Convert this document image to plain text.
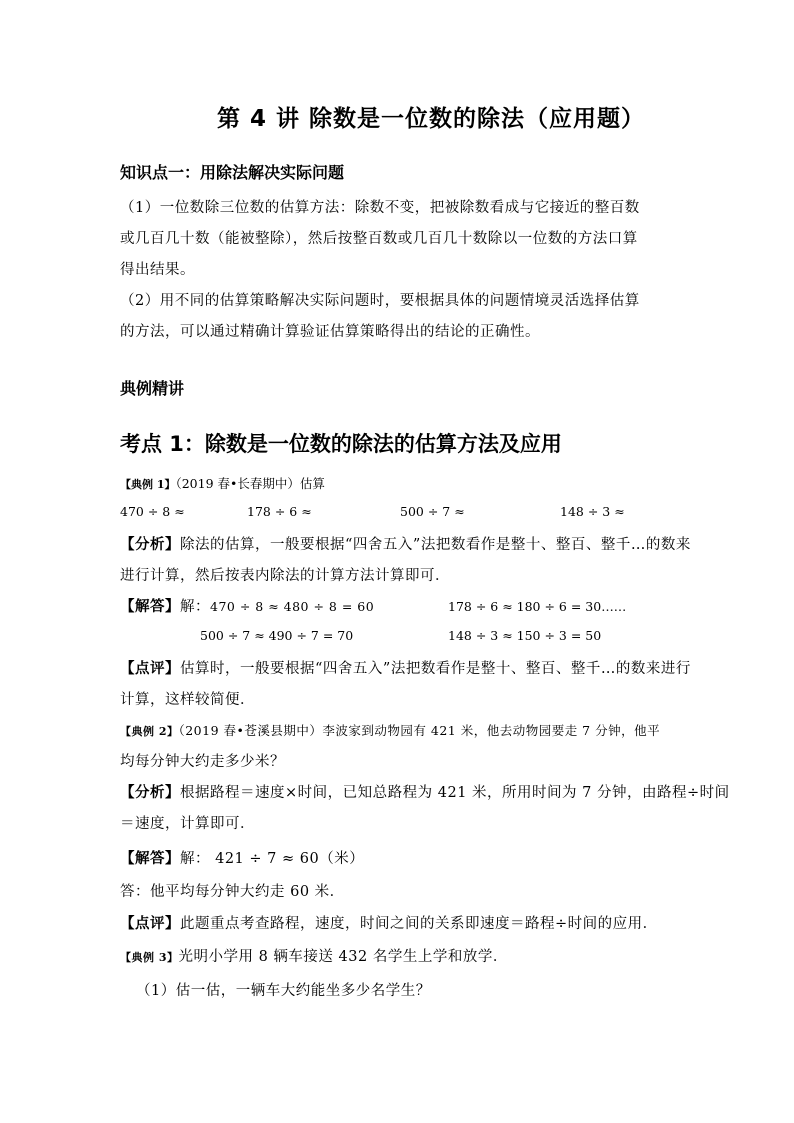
第 4 讲 除数是一位数的除法（应用题）
知识点一：用除法解决实际问题
（1）一位数除三位数的估算方法：除数不变，把被除数看成与它接近的整百数
或几百几十数（能被整除），然后按整百数或几百几十数除以一位数的方法口算
得出结果。
（2）用不同的估算策略解决实际问题时，要根据具体的问题情境灵活选择估算
的方法，可以通过精确计算验证估算策略得出的结论的正确性。
典例精讲
考点 1：除数是一位数的除法的估算方法及应用
【典例 1】（2019 春•长春期中）估算
470 ÷ 8 ≈	178 ÷ 6 ≈	500 ÷ 7 ≈	148 ÷ 3 ≈
【分析】除法的估算，一般要根据“四舍五入”法把数看作是整十、整百、整千…的数来
进行计算，然后按表内除法的计算方法计算即可．
【解答】解：470 ÷ 8 ≈ 480 ÷ 8 = 60	178 ÷ 6 ≈ 180 ÷ 6 = 30……
500 ÷ 7 ≈ 490 ÷ 7 = 70	148 ÷ 3 ≈ 150 ÷ 3 = 50
【点评】估算时，一般要根据“四舍五入”法把数看作是整十、整百、整千…的数来进行
计算，这样较简便．
【典例 2】（2019 春•苍溪县期中）李波家到动物园有 421 米，他去动物园要走 7 分钟，他平
均每分钟大约走多少米？
【分析】根据路程＝速度×时间，已知总路程为 421 米，所用时间为 7 分钟，由路程÷时间
＝速度，计算即可．
【解答】解： 421 ÷ 7 ≈ 60（米）
答：他平均每分钟大约走 60 米．
【点评】此题重点考查路程，速度，时间之间的关系即速度＝路程÷时间的应用．
【典例 3】光明小学用 8 辆车接送 432 名学生上学和放学．
（1）估一估，一辆车大约能坐多少名学生？
